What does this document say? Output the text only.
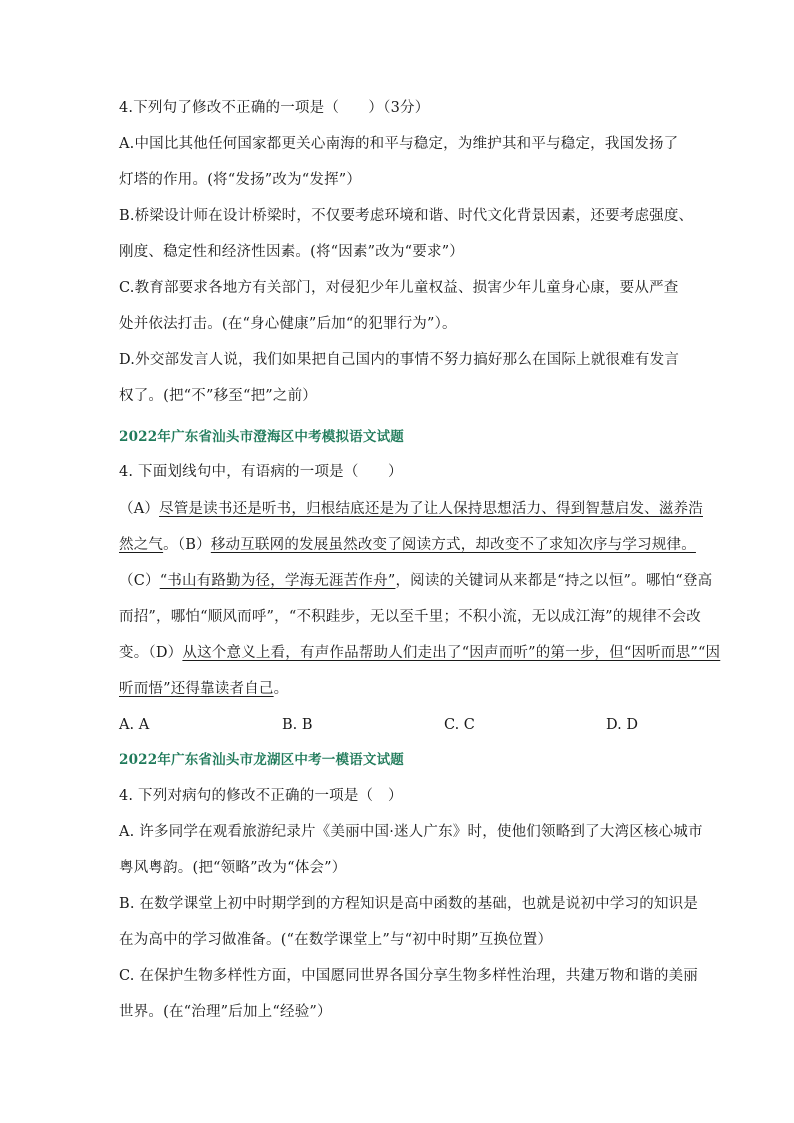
4.下列句了修改不正确的一项是（　　）（3分）
A.中国比其他任何国家都更关心南海的和平与稳定，为维护其和平与稳定，我国发扬了
灯塔的作用。(将“发扬”改为“发挥”）
B.桥梁设计师在设计桥梁时，不仅要考虑环境和谐、时代文化背景因素，还要考虑强度、
刚度、稳定性和经济性因素。(将“因素”改为“要求”）
C.教育部要求各地方有关部门，对侵犯少年儿童权益、损害少年儿童身心康，要从严查
处并依法打击。(在“身心健康”后加“的犯罪行为”）。
D.外交部发言人说，我们如果把自己国内的事情不努力搞好那么在国际上就很难有发言
权了。(把“不”移至“把”之前）
2022年广东省汕头市澄海区中考模拟语文试题
4. 下面划线句中，有语病的一项是（　　）
（A）尽管是读书还是听书，归根结底还是为了让人保持思想活力、得到智慧启发、滋养浩
然之气。（B）移动互联网的发展虽然改变了阅读方式，却改变不了求知次序与学习规律。
（C）“书山有路勤为径，学海无涯苦作舟”，阅读的关键词从来都是“持之以恒”。哪怕“登高
而招”，哪怕“顺风而呼”，“不积跬步，无以至千里；不积小流，无以成江海”的规律不会改
变。（D）从这个意义上看，有声作品帮助人们走出了“因声而听”的第一步，但“因听而思”“因
听而悟”还得靠读者自己。
A. A	B. B	C. C	D. D
2022年广东省汕头市龙湖区中考一模语文试题
4. 下列对病句的修改不正确的一项是（　）
A. 许多同学在观看旅游纪录片《美丽中国·迷人广东》时，使他们领略到了大湾区核心城市
粤风粤韵。(把“领略”改为“体会”）
B. 在数学课堂上初中时期学到的方程知识是高中函数的基础，也就是说初中学习的知识是
在为高中的学习做准备。(“在数学课堂上”与“初中时期”互换位置）
C. 在保护生物多样性方面，中国愿同世界各国分享生物多样性治理，共建万物和谐的美丽
世界。(在“治理”后加上“经验”）
